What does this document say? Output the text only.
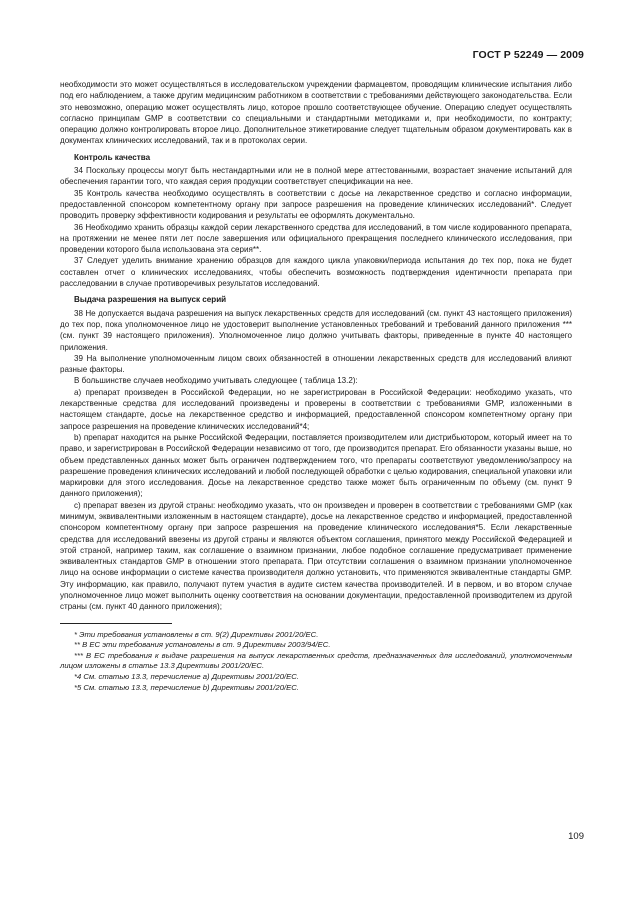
ГОСТ Р 52249 — 2009

необходимости это может осуществляться в исследовательском учреждении фармацевтом, проводящим клинические испытания либо под его наблюдением, а также другим медицинским работником в соответствии с требованиями действующего законодательства. Если это невозможно, операцию может осуществлять лицо, которое прошло соответствующее обучение. Операцию следует осуществлять согласно принципам GMP в соответствии со специальными и стандартными методиками и, при необходимости, по контракту; операцию должно контролировать второе лицо. Дополнительное этикетирование следует тщательным образом документировать как в документах клинических исследований, так и в протоколах серии.

Контроль качества

34 Поскольку процессы могут быть нестандартными или не в полной мере аттестованными, возрастает значение испытаний для обеспечения гарантии того, что каждая серия продукции соответствует спецификации на нее.

35 Контроль качества необходимо осуществлять в соответствии с досье на лекарственное средство и согласно информации, предоставленной спонсором компетентному органу при запросе разрешения на проведение клинических исследований*. Следует проводить проверку эффективности кодирования и результаты ее оформлять документально.

36 Необходимо хранить образцы каждой серии лекарственного средства для исследований, в том числе кодированного препарата, на протяжении не менее пяти лет после завершения или официального прекращения последнего клинического исследования, при проведении которого была использована эта серия**.

37 Следует уделить внимание хранению образцов для каждого цикла упаковки/периода испытания до тех пор, пока не будет составлен отчет о клинических исследованиях, чтобы обеспечить возможность подтверждения идентичности препарата при расследовании в случае противоречивых результатов исследований.

Выдача разрешения на выпуск серий

38 Не допускается выдача разрешения на выпуск лекарственных средств для исследований (см. пункт 43 настоящего приложения) до тех пор, пока уполномоченное лицо не удостоверит выполнение установленных требований и требований данного приложения *** (см. пункт 39 настоящего приложения). Уполномоченное лицо должно учитывать факторы, приведенные в пункте 40 настоящего приложения.

39 На выполнение уполномоченным лицом своих обязанностей в отношении лекарственных средств для исследований влияют разные факторы.

В большинстве случаев необходимо учитывать следующее ( таблица 13.2):

а) препарат произведен в Российской Федерации, но не зарегистрирован в Российской Федерации: необходимо указать, что лекарственные средства для исследований произведены и проверены в соответствии с требованиями GMP, изложенными в настоящем стандарте, досье на лекарственное средство и информацией, предоставленной спонсором компетентному органу при запросе разрешения на проведение клинических исследований*4;

b) препарат находится на рынке Российской Федерации, поставляется производителем или дистрибьютором, который имеет на то право, и зарегистрирован в Российской Федерации независимо от того, где производится препарат. Его обязанности указаны выше, но объем представленных данных может быть ограничен подтверждением того, что препараты соответствуют уведомлению/запросу на разрешение проведения клинических исследований и любой последующей обработки с целью кодирования, специальной упаковки или маркировки для этого исследования. Досье на лекарственное средство также может быть ограниченным по объему (см. пункт 9 данного приложения);

с) препарат ввезен из другой страны: необходимо указать, что он произведен и проверен в соответствии с требованиями GMP (как минимум, эквивалентными изложенным в настоящем стандарте), досье на лекарственное средство и информацией, предоставленной спонсором компетентному органу при запросе разрешения на проведение клинического исследования*5. Если лекарственные средства для исследований ввезены из другой страны и являются объектом соглашения, принятого между Российской Федерацией и этой страной, например таким, как соглашение о взаимном признании, любое подобное соглашение предусматривает применение эквивалентных стандартов GMP в отношении этого препарата. При отсутствии соглашения о взаимном признании уполномоченное лицо на основе информации о системе качества производителя должно установить, что применяются эквивалентные стандарты GMP. Эту информацию, как правило, получают путем участия в аудите систем качества производителей. И в первом, и во втором случае уполномоченное лицо может выполнить оценку соответствия на основании документации, предоставленной производителем из другой страны (см. пункт 40 данного приложения);

* Эти требования установлены в ст. 9(2) Директивы 2001/20/ЕС.

** В ЕС эти требования установлены в ст. 9 Директивы 2003/94/ЕС.

*** В ЕС требования к выдаче разрешения на выпуск лекарственных средств, предназначенных для исследований, уполномоченным лицом изложены в статье 13.3 Директивы 2001/20/ЕС.

*4 См. статью 13.3, перечисление а) Директивы 2001/20/ЕС.

*5 См. статью 13.3, перечисление b) Директивы 2001/20/ЕС.

109
